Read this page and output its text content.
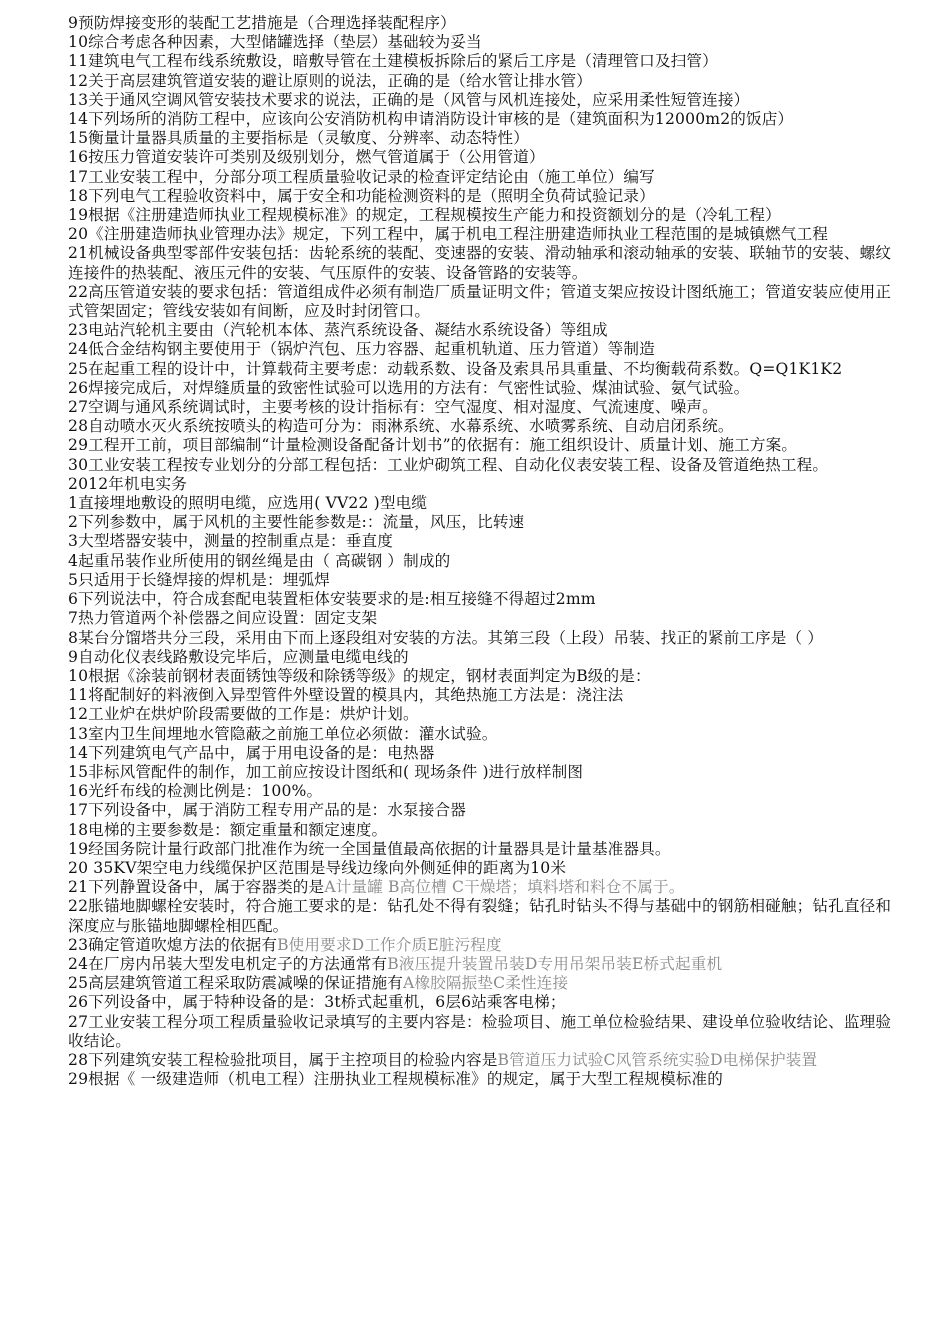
9预防焊接变形的装配工艺措施是（合理选择装配程序）

10综合考虑各种因素，大型储罐选择（垫层）基础较为妥当

11建筑电气工程布线系统敷设，暗敷导管在土建模板拆除后的紧后工序是（清理管口及扫管）

12关于高层建筑管道安装的避让原则的说法，正确的是（给水管让排水管）

13关于通风空调风管安装技术要求的说法，正确的是（风管与风机连接处，应采用柔性短管连接）

14下列场所的消防工程中，应该向公安消防机构申请消防设计审核的是（建筑面积为12000m2的饭店）

15衡量计量器具质量的主要指标是（灵敏度、分辨率、动态特性）

16按压力管道安装许可类别及级别划分，燃气管道属于（公用管道）

17工业安装工程中，分部分项工程质量验收记录的检查评定结论由（施工单位）编写

18下列电气工程验收资料中，属于安全和功能检测资料的是（照明全负荷试验记录）

19根据《注册建造师执业工程规模标准》的规定，工程规模按生产能力和投资额划分的是（冷轧工程）

20《注册建造师执业管理办法》规定，下列工程中，属于机电工程注册建造师执业工程范围的是城镇燃气工程

21机械设备典型零部件安装包括：齿轮系统的装配、变速器的安装、滑动轴承和滚动轴承的安装、联轴节的安装、螺纹连接件的热装配、液压元件的安装、气压原件的安装、设备管路的安装等。

22高压管道安装的要求包括：管道组成件必须有制造厂质量证明文件；管道支架应按设计图纸施工；管道安装应使用正式管架固定；管线安装如有间断，应及时封闭管口。

23电站汽轮机主要由（汽轮机本体、蒸汽系统设备、凝结水系统设备）等组成

24低合金结构钢主要使用于（锅炉汽包、压力容器、起重机轨道、压力管道）等制造

25在起重工程的设计中，计算载荷主要考虑：动载系数、设备及索具吊具重量、不均衡载荷系数。Q=Q1K1K2

26焊接完成后，对焊缝质量的致密性试验可以选用的方法有：气密性试验、煤油试验、氨气试验。

27空调与通风系统调试时，主要考核的设计指标有：空气湿度、相对湿度、气流速度、噪声。

28自动喷水灭火系统按喷头的构造可分为：雨淋系统、水幕系统、水喷雾系统、自动启闭系统。

29工程开工前，项目部编制“计量检测设备配备计划书”的依据有：施工组织设计、质量计划、施工方案。

30工业安装工程按专业划分的分部工程包括：工业炉砌筑工程、自动化仪表安装工程、设备及管道绝热工程。

2012年机电实务

1直接埋地敷设的照明电缆，应选用( VV22 )型电缆

2下列参数中，属于风机的主要性能参数是:：流量，风压，比转速

3大型塔器安装中，测量的控制重点是：垂直度

4起重吊装作业所使用的钢丝绳是由（ 高碳钢 ）制成的

5只适用于长缝焊接的焊机是：埋弧焊

6下列说法中，符合成套配电装置柜体安装要求的是:相互接缝不得超过2mm

7热力管道两个补偿器之间应设置：固定支架

8某台分馏塔共分三段，采用由下而上逐段组对安装的方法。其第三段（上段）吊装、找正的紧前工序是（ ）

9自动化仪表线路敷设完毕后，应测量电缆电线的

10根据《涂装前钢材表面锈蚀等级和除锈等级》的规定，钢材表面判定为B级的是：

11将配制好的料液倒入异型管件外壁设置的模具内，其绝热施工方法是：浇注法

12工业炉在烘炉阶段需要做的工作是：烘炉计划。

13室内卫生间埋地水管隐蔽之前施工单位必须做：灌水试验。

14下列建筑电气产品中，属于用电设备的是：电热器

15非标风管配件的制作，加工前应按设计图纸和( 现场条件 )进行放样制图

16光纤布线的检测比例是：100%。

17下列设备中，属于消防工程专用产品的是：水泵接合器

18电梯的主要参数是：额定重量和额定速度。

19经国务院计量行政部门批准作为统一全国量值最高依据的计量器具是计量基准器具。

20 35KV架空电力线缆保护区范围是导线边缘向外侧延伸的距离为10米

21下列静置设备中，属于容器类的是A计量罐 B高位槽 C干燥塔；填料塔和料仓不属于。

22胀锚地脚螺栓安装时，符合施工要求的是：钻孔处不得有裂缝；钻孔时钻头不得与基础中的钢筋相碰触；钻孔直径和深度应与胀锚地脚螺栓相匹配。

23确定管道吹熄方法的依据有B使用要求D工作介质E脏污程度

24在厂房内吊装大型发电机定子的方法通常有B液压提升装置吊装D专用吊架吊装E桥式起重机

25高层建筑管道工程采取防震减噪的保证措施有A橡胶隔振垫C柔性连接

26下列设备中，属于特种设备的是：3t桥式起重机，6层6站乘客电梯；

27工业安装工程分项工程质量验收记录填写的主要内容是：检验项目、施工单位检验结果、建设单位验收结论、监理验收结论。

28下列建筑安装工程检验批项目，属于主控项目的检验内容是B管道压力试验C风管系统实验D电梯保护装置

29根据《 一级建造师（机电工程）注册执业工程规模标准》的规定，属于大型工程规模标准的
